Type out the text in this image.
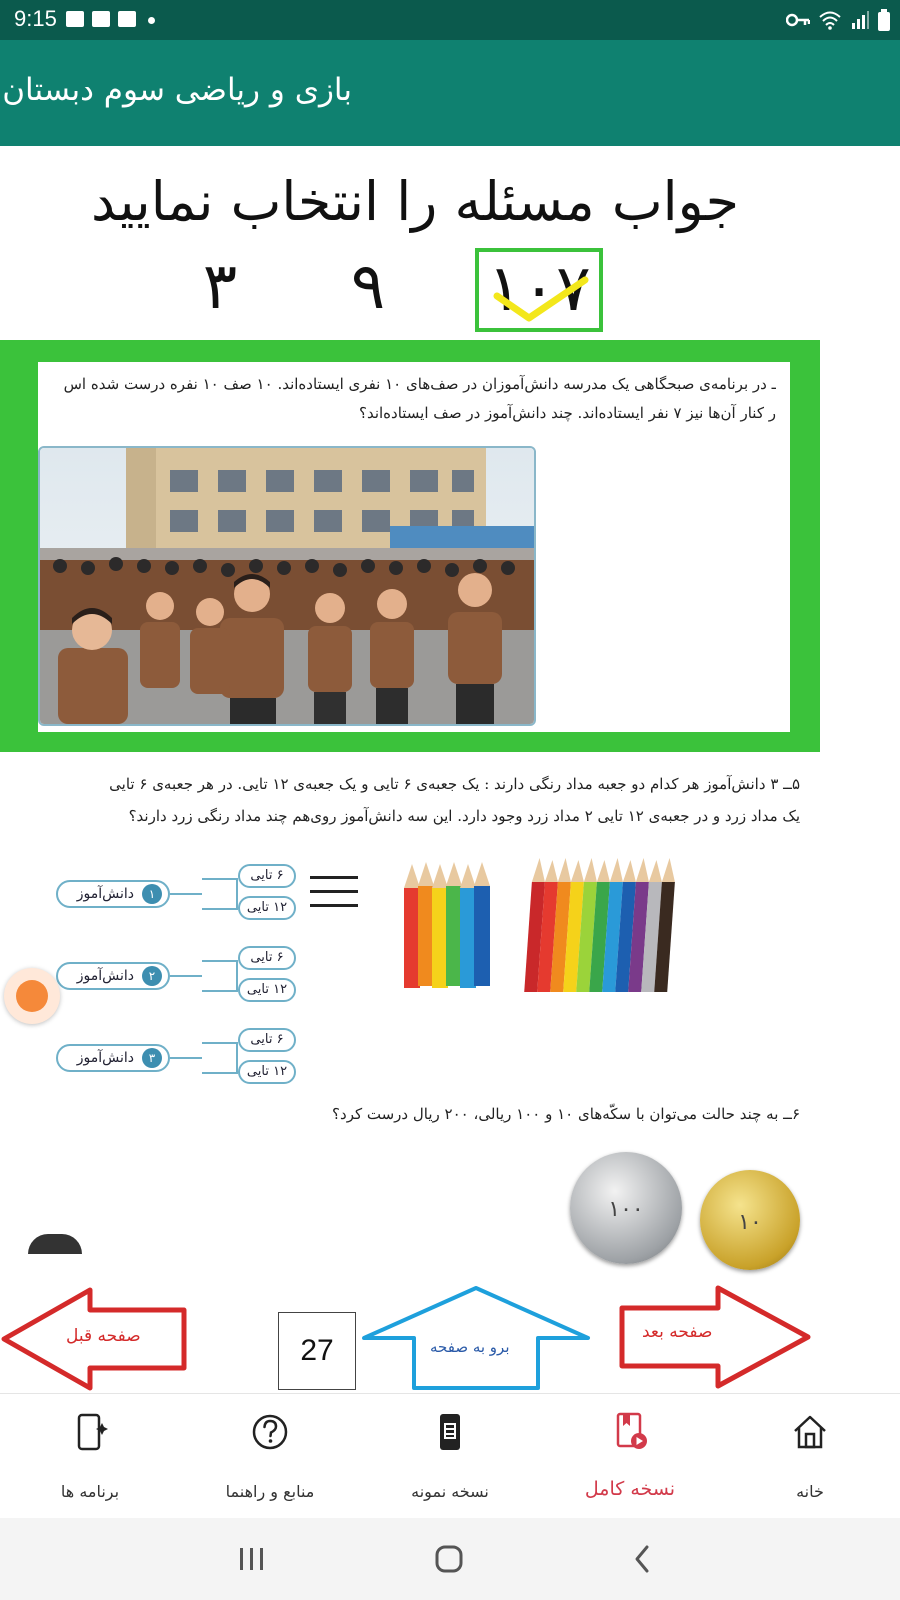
9:15
بازی و ریاضی سوم دبستان
جواب مسئله را انتخاب نمایید
۳	۹	۱۰۷
ـ در برنامه‌ی صبحگاهی یک مدرسه دانش‌آموزان در صف‌های ۱۰ نفری ایستاده‌اند. ۱۰ صف ۱۰ نفره درست شده اس
ر کنار آن‌ها نیز ۷ نفر ایستاده‌اند. چند دانش‌آموز در صف ایستاده‌اند؟
۵ــ ۳ دانش‌آموز هر کدام دو جعبه مداد رنگی دارند : یک جعبه‌ی ۶ تایی و یک جعبه‌ی ۱۲ تایی. در هر جعبه‌ی ۶ تایی
یک مداد زرد و در جعبه‌ی ۱۲ تایی ۲ مداد زرد وجود دارد. این سه دانش‌آموز روی‌هم چند مداد رنگی زرد دارند؟
۱
دانش‌آموز
۶ تایی
۱۲ تایی
۲
دانش‌آموز
۶ تایی
۱۲ تایی
۳
دانش‌آموز
۶ تایی
۱۲ تایی
۶ــ به چند حالت می‌توان با سکّه‌های ۱۰ و ۱۰۰ ریالی، ۲۰۰ ریال درست کرد؟
۱۰۰
۱۰
صفحه قبل	27	برو به صفحه
صفحه بعد
برنامه ها	منابع و راهنما	نسخه نمونه	نسخه کامل	خانه
